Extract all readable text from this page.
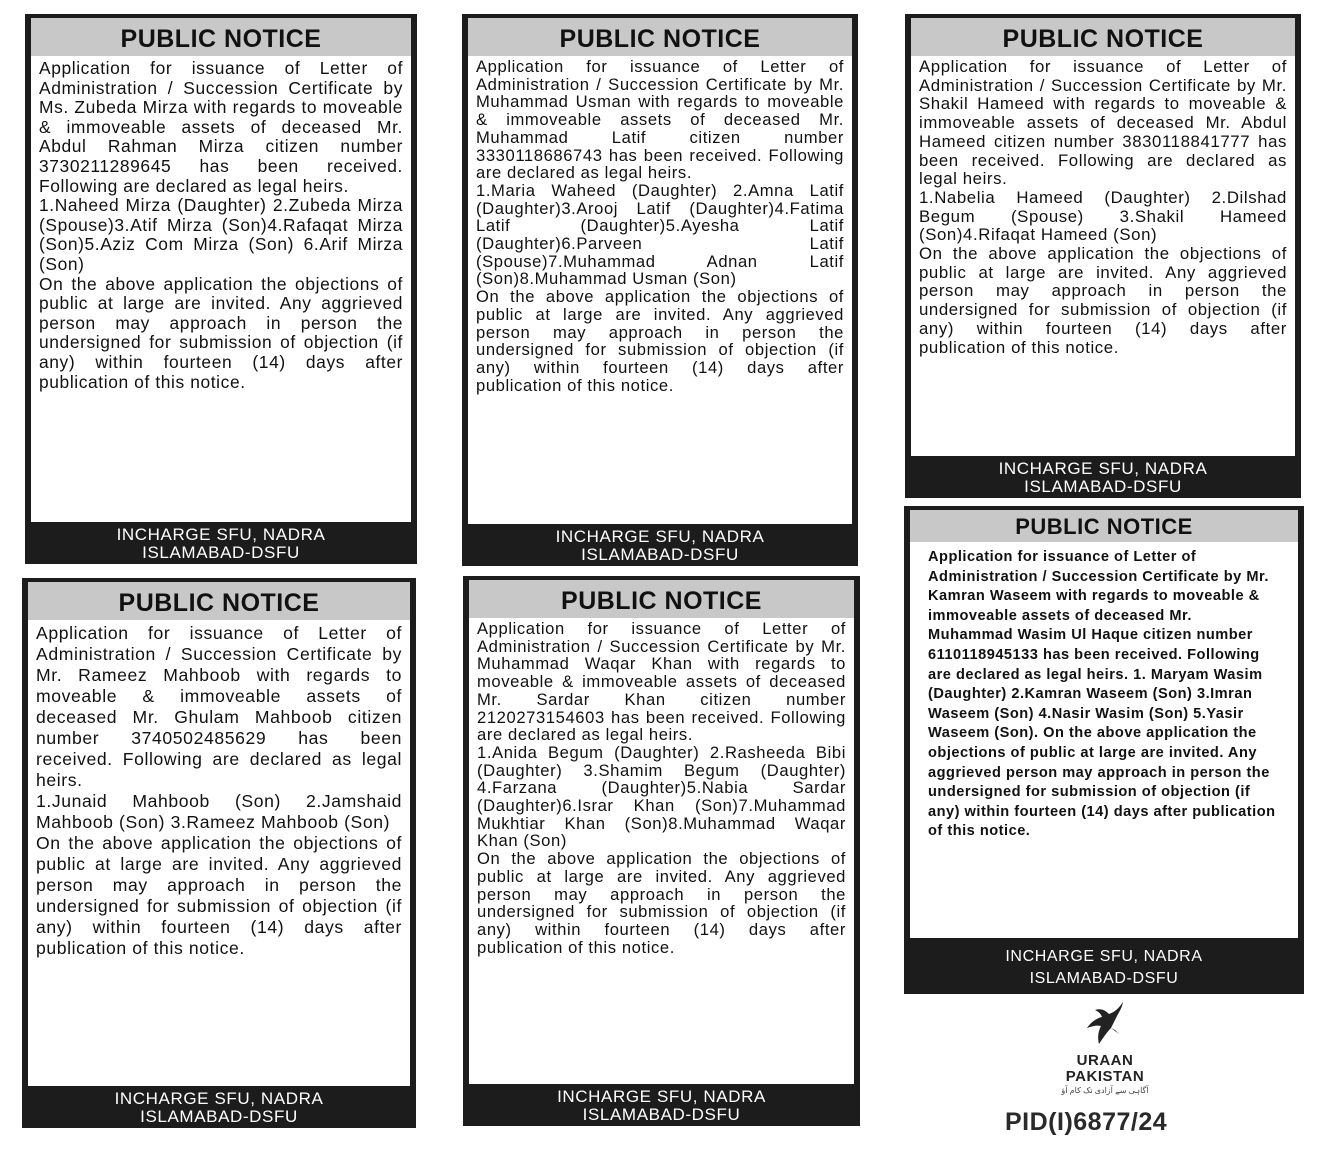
PUBLIC NOTICE

Application for issuance of Letter of Administration / Succession Certificate by Ms. Zubeda Mirza with regards to moveable & immoveable assets of deceased Mr. Abdul Rahman Mirza citizen number 3730211289645 has been received. Following are declared as legal heirs.

1.Naheed Mirza (Daughter) 2.Zubeda Mirza (Spouse)3.Atif Mirza (Son)4.Rafaqat Mirza (Son)5.Aziz Com Mirza (Son) 6.Arif Mirza (Son)

On the above application the objections of public at large are invited. Any aggrieved person may approach in person the undersigned for submission of objection (if any) within fourteen (14) days after publication of this notice.

INCHARGE SFU, NADRA
ISLAMABAD-DSFU
PUBLIC NOTICE

Application for issuance of Letter of Administration / Succession Certificate by Mr. Muhammad Usman with regards to moveable & immoveable assets of deceased Mr. Muhammad Latif citizen number 3330118686743 has been received. Following are declared as legal heirs.

1.Maria Waheed (Daughter) 2.Amna Latif (Daughter)3.Arooj Latif (Daughter)4.Fatima Latif (Daughter)5.Ayesha Latif (Daughter)6.Parveen Latif (Spouse)7.Muhammad Adnan Latif (Son)8.Muhammad Usman (Son)

On the above application the objections of public at large are invited. Any aggrieved person may approach in person the undersigned for submission of objection (if any) within fourteen (14) days after publication of this notice.

INCHARGE SFU, NADRA
ISLAMABAD-DSFU
PUBLIC NOTICE

Application for issuance of Letter of Administration / Succession Certificate by Mr. Shakil Hameed with regards to moveable & immoveable assets of deceased Mr. Abdul Hameed citizen number 3830118841777 has been received. Following are declared as legal heirs.

1.Nabelia Hameed (Daughter) 2.Dilshad Begum (Spouse) 3.Shakil Hameed (Son)4.Rifaqat Hameed (Son)

On the above application the objections of public at large are invited. Any aggrieved person may approach in person the undersigned for submission of objection (if any) within fourteen (14) days after publication of this notice.

INCHARGE SFU, NADRA
ISLAMABAD-DSFU
PUBLIC NOTICE

Application for issuance of Letter of Administration / Succession Certificate by Mr. Rameez Mahboob with regards to moveable & immoveable assets of deceased Mr. Ghulam Mahboob citizen number 3740502485629 has been received. Following are declared as legal heirs.

1.Junaid Mahboob (Son) 2.Jamshaid Mahboob (Son) 3.Rameez Mahboob (Son)

On the above application the objections of public at large are invited. Any aggrieved person may approach in person the undersigned for submission of objection (if any) within fourteen (14) days after publication of this notice.

INCHARGE SFU, NADRA
ISLAMABAD-DSFU
PUBLIC NOTICE

Application for issuance of Letter of Administration / Succession Certificate by Mr. Muhammad Waqar Khan with regards to moveable & immoveable assets of deceased Mr. Sardar Khan citizen number 2120273154603 has been received. Following are declared as legal heirs.

1.Anida Begum (Daughter) 2.Rasheeda Bibi (Daughter) 3.Shamim Begum (Daughter) 4.Farzana (Daughter)5.Nabia Sardar (Daughter)6.Israr Khan (Son)7.Muhammad Mukhtiar Khan (Son)8.Muhammad Waqar Khan (Son)

On the above application the objections of public at large are invited. Any aggrieved person may approach in person the undersigned for submission of objection (if any) within fourteen (14) days after publication of this notice.

INCHARGE SFU, NADRA
ISLAMABAD-DSFU
PUBLIC NOTICE

Application for issuance of Letter of Administration / Succession Certificate by Mr. Kamran Waseem with regards to moveable & immoveable assets of deceased Mr. Muhammad Wasim Ul Haque citizen number 6110118945133 has been received. Following are declared as legal heirs. 1. Maryam Wasim (Daughter) 2.Kamran Waseem (Son) 3.Imran Waseem (Son) 4.Nasir Wasim (Son) 5.Yasir Waseem (Son). On the above application the objections of public at large are invited. Any aggrieved person may approach in person the undersigned for submission of objection (if any) within fourteen (14) days after publication of this notice.

INCHARGE SFU, NADRA
ISLAMABAD-DSFU
URAAN
PAKISTAN
آگاہی سے آزادی تک کام آؤ
PID(I)6877/24
